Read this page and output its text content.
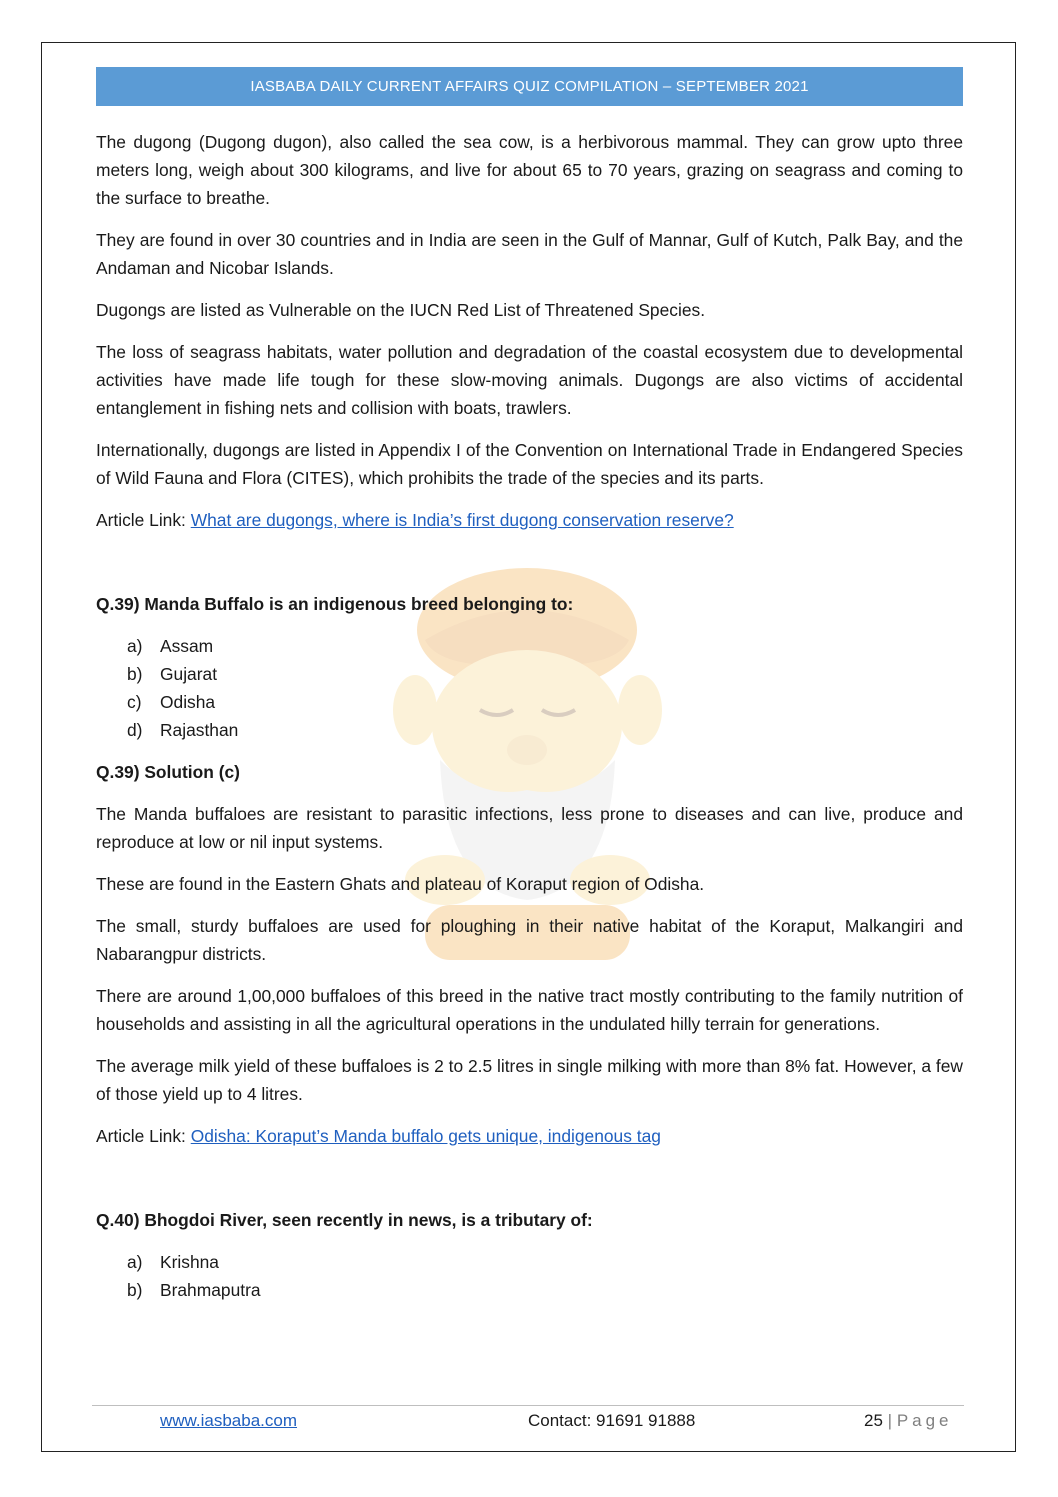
IASBABA DAILY CURRENT AFFAIRS QUIZ COMPILATION – SEPTEMBER 2021

The dugong (Dugong dugon), also called the sea cow, is a herbivorous mammal. They can grow upto three meters long, weigh about 300 kilograms, and live for about 65 to 70 years, grazing on seagrass and coming to the surface to breathe.

They are found in over 30 countries and in India are seen in the Gulf of Mannar, Gulf of Kutch, Palk Bay, and the Andaman and Nicobar Islands.

Dugongs are listed as Vulnerable on the IUCN Red List of Threatened Species.

The loss of seagrass habitats, water pollution and degradation of the coastal ecosystem due to developmental activities have made life tough for these slow-moving animals. Dugongs are also victims of accidental entanglement in fishing nets and collision with boats, trawlers.

Internationally, dugongs are listed in Appendix I of the Convention on International Trade in Endangered Species of Wild Fauna and Flora (CITES), which prohibits the trade of the species and its parts.

Article Link: What are dugongs, where is India’s first dugong conservation reserve?

Q.39) Manda Buffalo is an indigenous breed belonging to:

a)	Assam
b)	Gujarat
c)	Odisha
d)	Rajasthan

Q.39) Solution (c)

The Manda buffaloes are resistant to parasitic infections, less prone to diseases and can live, produce and reproduce at low or nil input systems.

These are found in the Eastern Ghats and plateau of Koraput region of Odisha.

The small, sturdy buffaloes are used for ploughing in their native habitat of the Koraput, Malkangiri and Nabarangpur districts.

There are around 1,00,000 buffaloes of this breed in the native tract mostly contributing to the family nutrition of households and assisting in all the agricultural operations in the undulated hilly terrain for generations.

The average milk yield of these buffaloes is 2 to 2.5 litres in single milking with more than 8% fat. However, a few of those yield up to 4 litres.

Article Link: Odisha: Koraput’s Manda buffalo gets unique, indigenous tag

Q.40) Bhogdoi River, seen recently in news, is a tributary of:

a)	Krishna
b)	Brahmaputra
www.iasbaba.com	Contact: 91691 91888	25 | Page
